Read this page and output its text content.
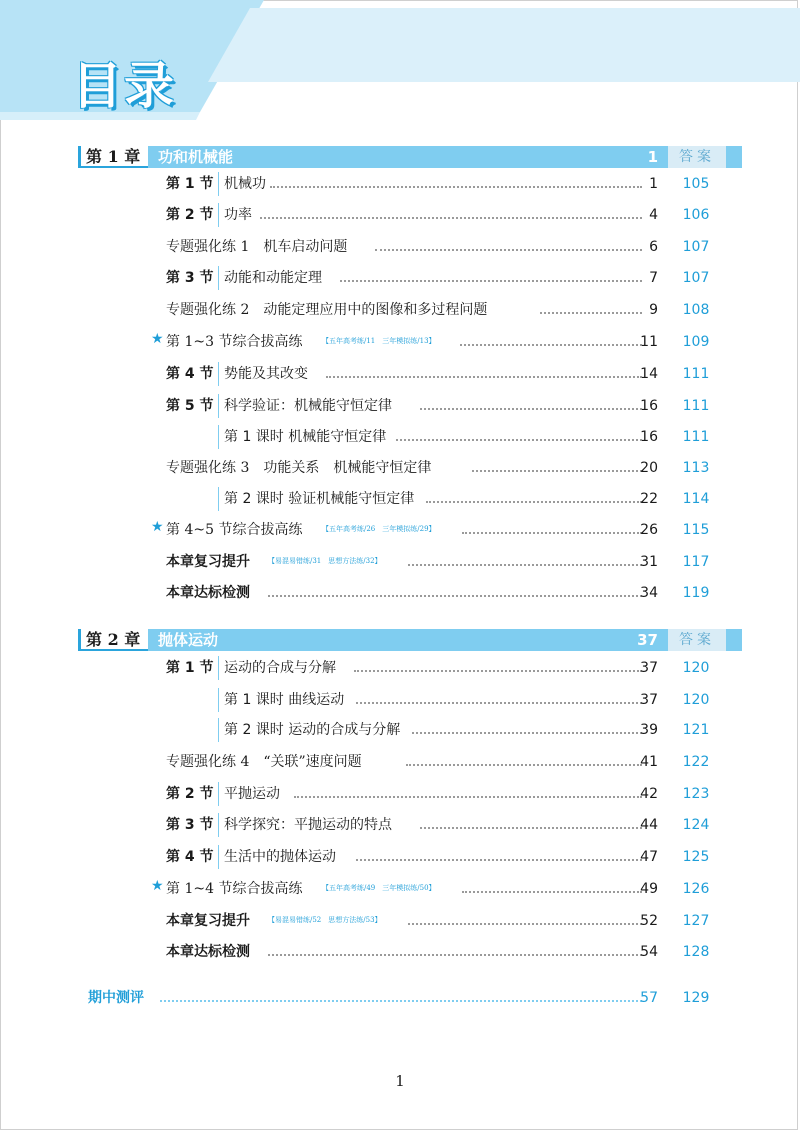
目录
第 1 章	功和机械能	1	答案
第 1 节 机械功	1	105
第 2 节 功率	4	106
专题强化练 1　机车启动问题	6	107
第 3 节 动能和动能定理	7	107
专题强化练 2　动能定理应用中的图像和多过程问题	9	108
★ 第 1~3 节综合拔高练	【五年高考练/11　三年模拟练/13】	11	109
第 4 节 势能及其改变	14	111
第 5 节 科学验证：机械能守恒定律	16	111
第 1 课时 机械能守恒定律	16	111
专题强化练 3　功能关系　机械能守恒定律	20	113
第 2 课时 验证机械能守恒定律	22	114
★ 第 4~5 节综合拔高练	【五年高考练/26　三年模拟练/29】	26	115
本章复习提升	【易混易错练/31　思想方法练/32】	31	117
本章达标检测	34	119
第 2 章	抛体运动	37	答案
第 1 节 运动的合成与分解	37	120
第 1 课时 曲线运动	37	120
第 2 课时 运动的合成与分解	39	121
专题强化练 4　“关联”速度问题	41	122
第 2 节 平抛运动	42	123
第 3 节 科学探究：平抛运动的特点	44	124
第 4 节 生活中的抛体运动	47	125
★ 第 1~4 节综合拔高练	【五年高考练/49　三年模拟练/50】	49	126
本章复习提升	【易混易错练/52　思想方法练/53】	52	127
本章达标检测	54	128
期中测评	57	129
1
